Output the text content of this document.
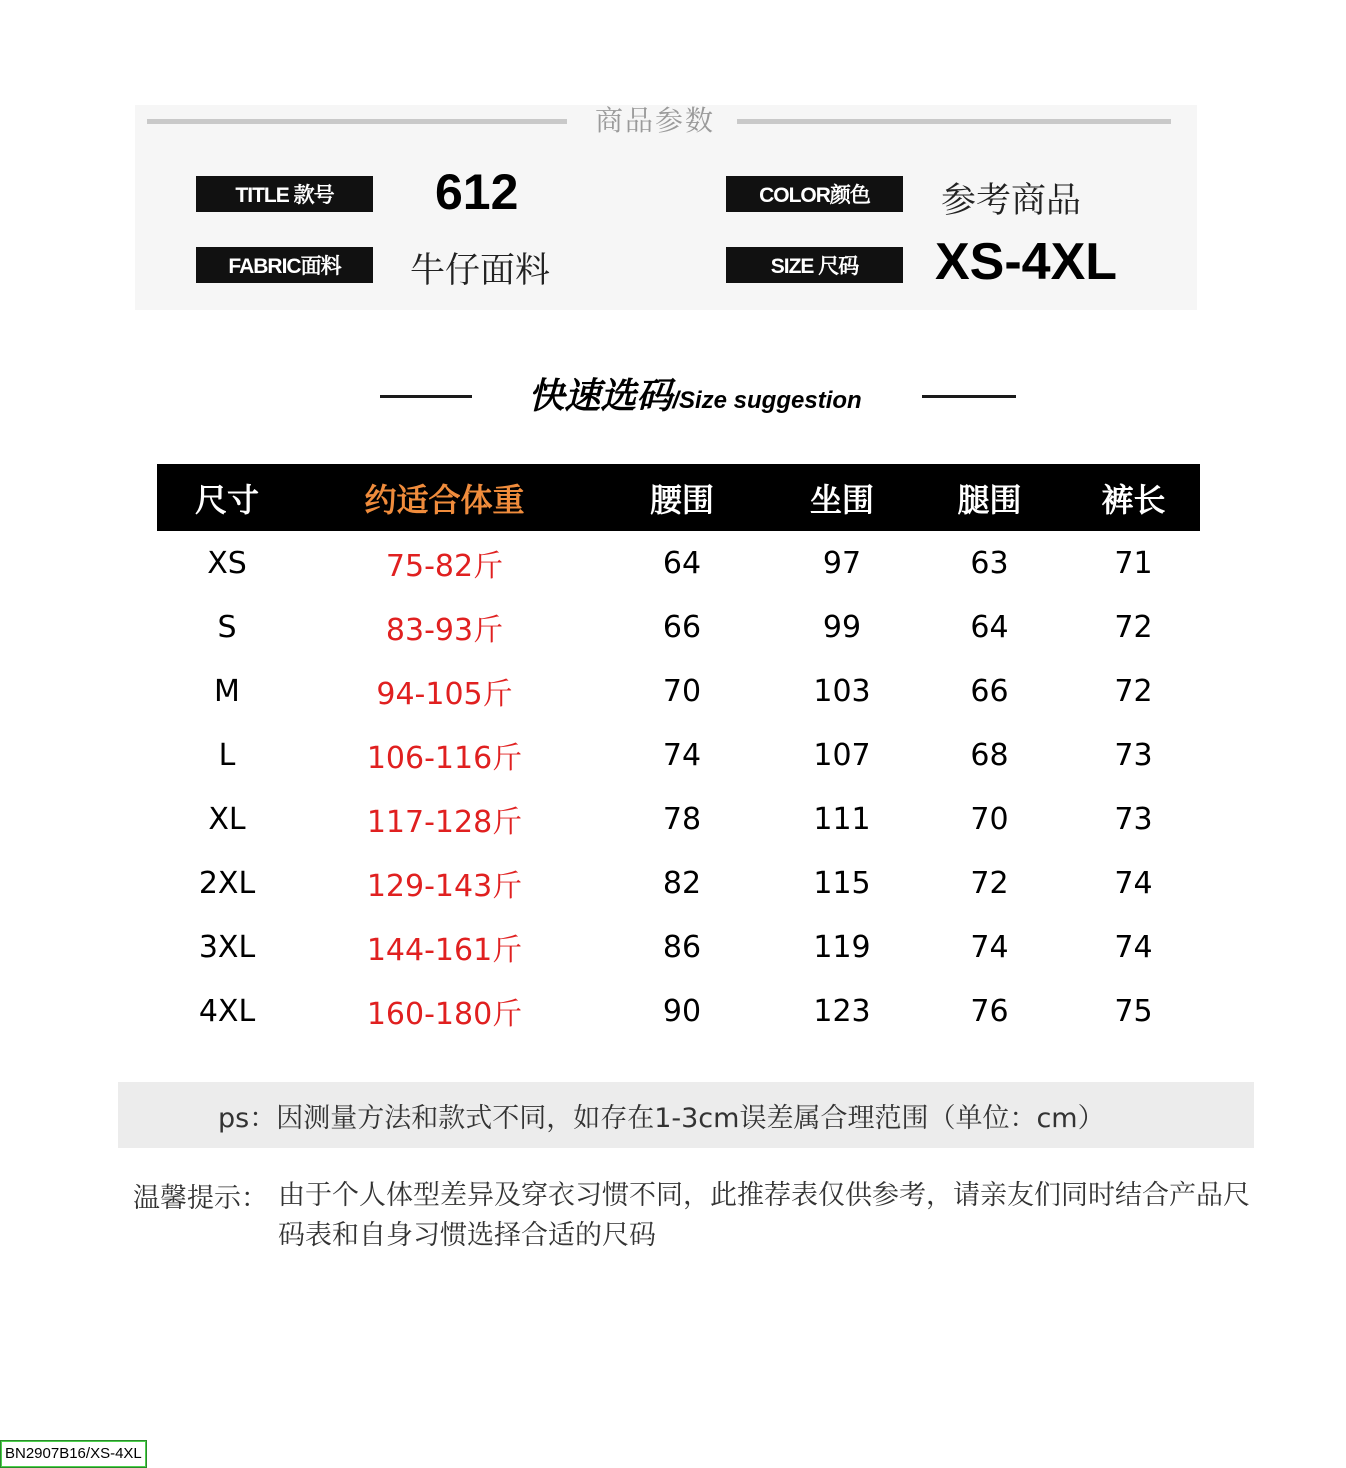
商品参数
TITLE 款号	612	COLOR颜色	参考商品
FABRIC面料	牛仔面料	SIZE 尺码	XS-4XL
快速选码/Size suggestion
尺寸	约适合体重	腰围	坐围	腿围	裤长
XS	75-82斤	64	97	63	71
S	83-93斤	66	99	64	72
M	94-105斤	70	103	66	72
L	106-116斤	74	107	68	73
XL	117-128斤	78	111	70	73
2XL	129-143斤	82	115	72	74
3XL	144-161斤	86	119	74	74
4XL	160-180斤	90	123	76	75
ps：因测量方法和款式不同，如存在1-3cm误差属合理范围（单位：cm）
温馨提示： 由于个人体型差异及穿衣习惯不同，此推荐表仅供参考，请亲友们同时结合产品尺码表和自身习惯选择合适的尺码
BN2907B16/XS-4XL
